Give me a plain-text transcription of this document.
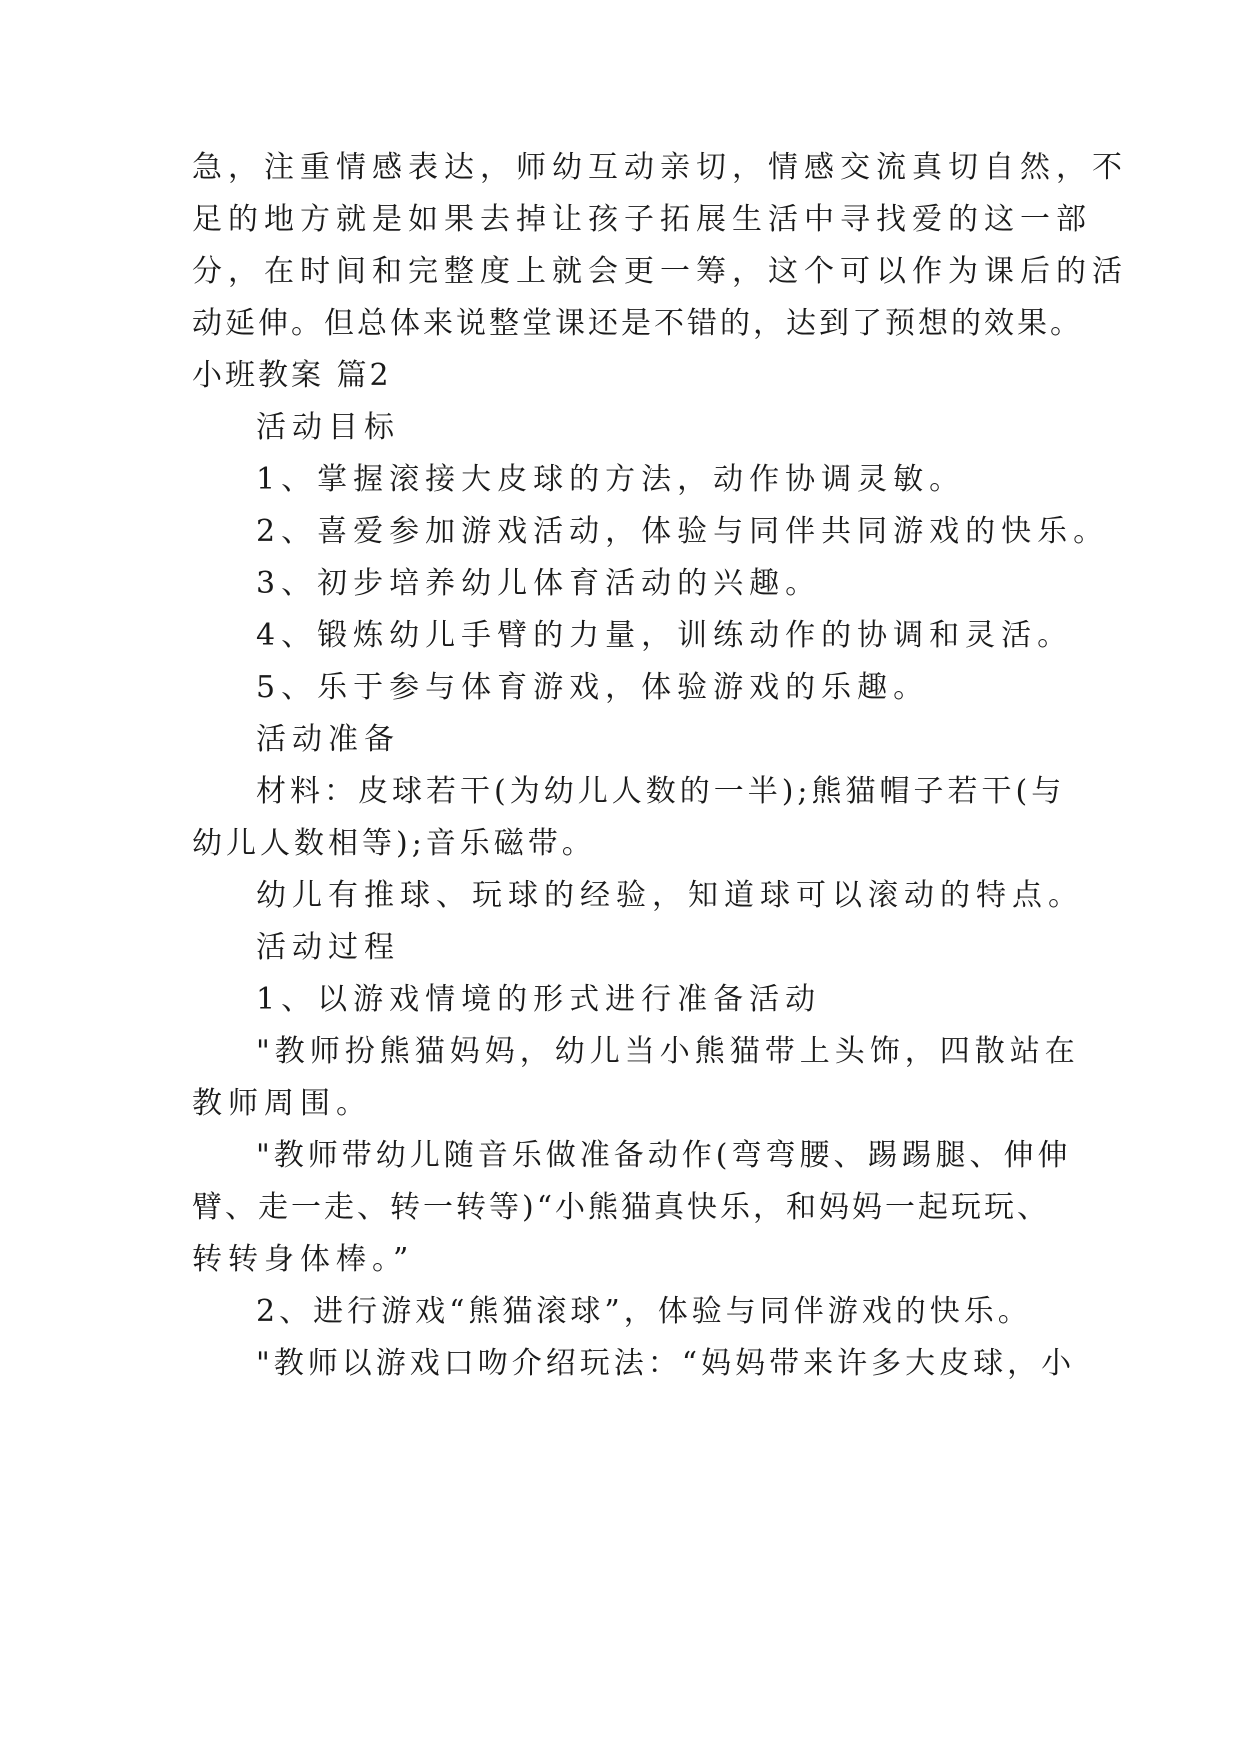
急，注重情感表达，师幼互动亲切，情感交流真切自然，不
足的地方就是如果去掉让孩子拓展生活中寻找爱的这一部
分，在时间和完整度上就会更一筹，这个可以作为课后的活
动延伸。但总体来说整堂课还是不错的，达到了预想的效果。
小班教案 篇2
活动目标
1、掌握滚接大皮球的方法，动作协调灵敏。
2、喜爱参加游戏活动，体验与同伴共同游戏的快乐。
3、初步培养幼儿体育活动的兴趣。
4、锻炼幼儿手臂的力量，训练动作的协调和灵活。
5、乐于参与体育游戏，体验游戏的乐趣。
活动准备
材料：皮球若干(为幼儿人数的一半);熊猫帽子若干(与
幼儿人数相等);音乐磁带。
幼儿有推球、玩球的经验，知道球可以滚动的特点。
活动过程
1、以游戏情境的形式进行准备活动
"教师扮熊猫妈妈，幼儿当小熊猫带上头饰，四散站在
教师周围。
"教师带幼儿随音乐做准备动作(弯弯腰、踢踢腿、伸伸
臂、走一走、转一转等)“小熊猫真快乐，和妈妈一起玩玩、
转转身体棒。”
2、进行游戏“熊猫滚球”，体验与同伴游戏的快乐。
"教师以游戏口吻介绍玩法：“妈妈带来许多大皮球，小
